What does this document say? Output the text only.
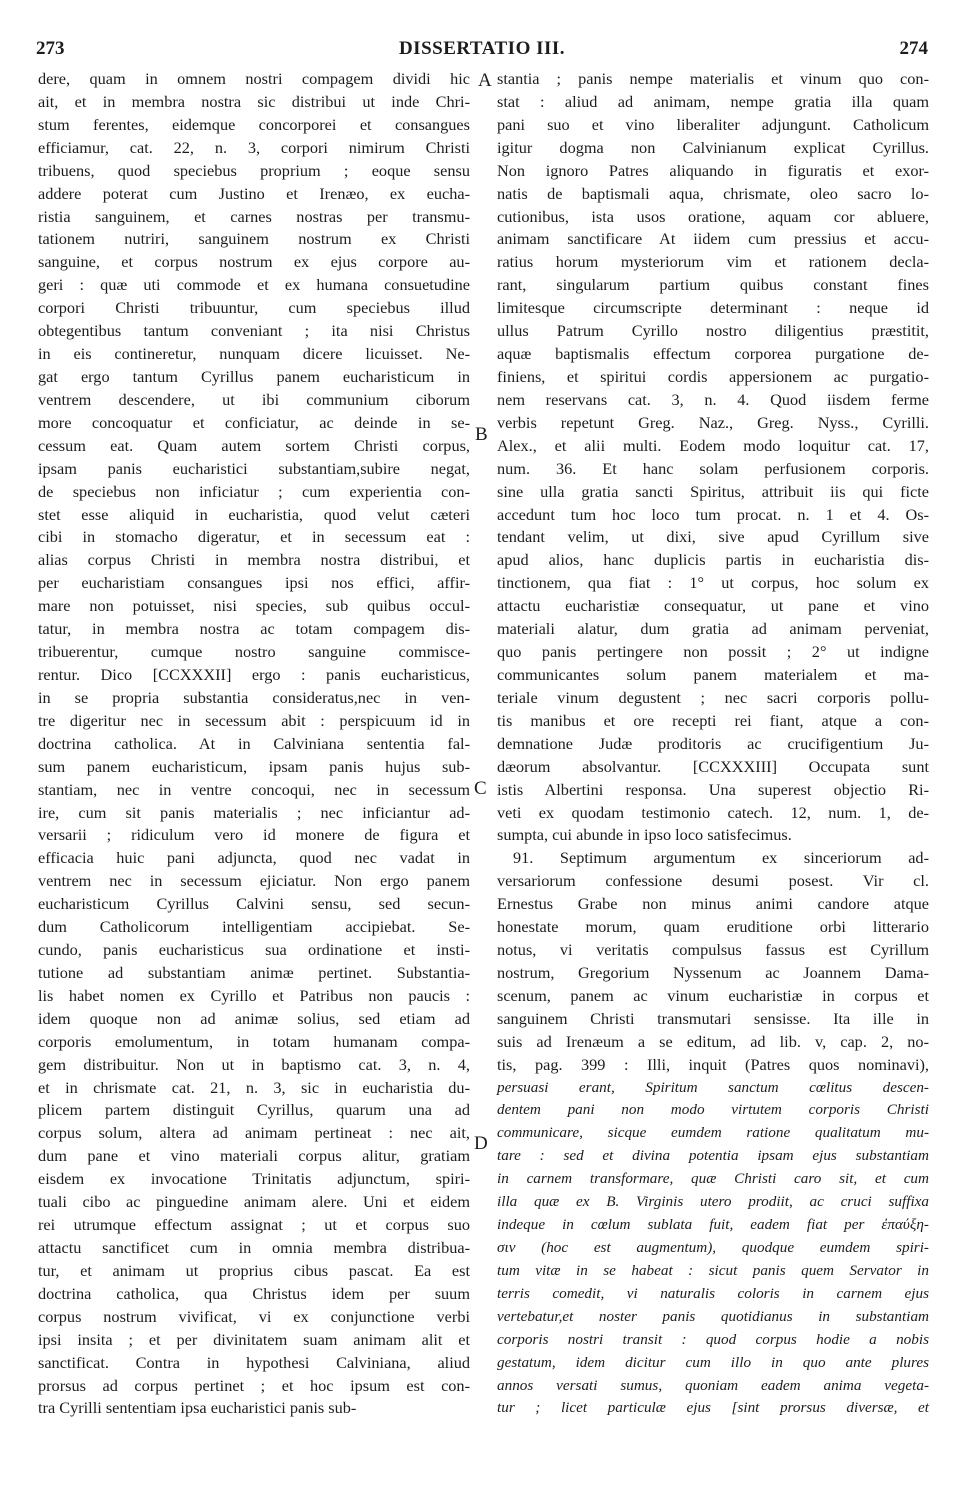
273	DISSERTATIO III.	274
A
B
C
D
dere, quam in omnem nostri compagem dividi hic
ait, et in membra nostra sic distribui ut inde Chri-
stum ferentes, eidemque concorporei et consangues
efficiamur, cat. 22, n. 3, corpori nimirum Christi
tribuens, quod speciebus proprium ; eoque sensu
addere poterat cum Justino et Irenæo, ex eucha-
ristia sanguinem, et carnes nostras per transmu-
tationem nutriri, sanguinem nostrum ex Christi
sanguine, et corpus nostrum ex ejus corpore au-
geri : quæ uti commode et ex humana consuetudine
corpori Christi tribuuntur, cum speciebus illud
obtegentibus tantum conveniant ; ita nisi Christus
in eis contineretur, nunquam dicere licuisset. Ne-
gat ergo tantum Cyrillus panem eucharisticum in
ventrem descendere, ut ibi communium ciborum
more concoquatur et conficiatur, ac deinde in se-
cessum eat. Quam autem sortem Christi corpus,
ipsam panis eucharistici substantiam,subire negat,
de speciebus non inficiatur ; cum experientia con-
stet esse aliquid in eucharistia, quod velut cæteri
cibi in stomacho digeratur, et in secessum eat :
alias corpus Christi in membra nostra distribui, et
per eucharistiam consangues ipsi nos effici, affir-
mare non potuisset, nisi species, sub quibus occul-
tatur, in membra nostra ac totam compagem dis-
tribuerentur, cumque nostro sanguine commisce-
rentur. Dico [CCXXXII] ergo : panis eucharisticus,
in se propria substantia consideratus,nec in ven-
tre digeritur nec in secessum abit : perspicuum id in
doctrina catholica. At in Calviniana sententia fal-
sum panem eucharisticum, ipsam panis hujus sub-
stantiam, nec in ventre concoqui, nec in secessum
ire, cum sit panis materialis ; nec inficiantur ad-
versarii ; ridiculum vero id monere de figura et
efficacia huic pani adjuncta, quod nec vadat in
ventrem nec in secessum ejiciatur. Non ergo panem
eucharisticum Cyrillus Calvini sensu, sed secun-
dum Catholicorum intelligentiam accipiebat. Se-
cundo, panis eucharisticus sua ordinatione et insti-
tutione ad substantiam animæ pertinet. Substantia-
lis habet nomen ex Cyrillo et Patribus non paucis :
idem quoque non ad animæ solius, sed etiam ad
corporis emolumentum, in totam humanam compa-
gem distribuitur. Non ut in baptismo cat. 3, n. 4,
et in chrismate cat. 21, n. 3, sic in eucharistia du-
plicem partem distinguit Cyrillus, quarum una ad
corpus solum, altera ad animam pertineat : nec ait,
dum pane et vino materiali corpus alitur, gratiam
eisdem ex invocatione Trinitatis adjunctum, spiri-
tuali cibo ac pinguedine animam alere. Uni et eidem
rei utrumque effectum assignat ; ut et corpus suo
attactu sanctificet cum in omnia membra distribua-
tur, et animam ut proprius cibus pascat. Ea est
doctrina catholica, qua Christus idem per suum
corpus nostrum vivificat, vi ex conjunctione verbi
ipsi insita ; et per divinitatem suam animam alit et
sanctificat. Contra in hypothesi Calviniana, aliud
prorsus ad corpus pertinet ; et hoc ipsum est con-
tra Cyrilli sententiam ipsa eucharistici panis sub-
stantia ; panis nempe materialis et vinum quo con-
stat : aliud ad animam, nempe gratia illa quam
pani suo et vino liberaliter adjungunt. Catholicum
igitur dogma non Calvinianum explicat Cyrillus.
Non ignoro Patres aliquando in figuratis et exor-
natis de baptismali aqua, chrismate, oleo sacro lo-
cutionibus, ista usos oratione, aquam cor abluere,
animam sanctificare At iidem cum pressius et accu-
ratius horum mysteriorum vim et rationem decla-
rant, singularum partium quibus constant fines
limitesque circumscripte determinant : neque id
ullus Patrum Cyrillo nostro diligentius præstitit,
aquæ baptismalis effectum corporea purgatione de-
finiens, et spiritui cordis appersionem ac purgatio-
nem reservans cat. 3, n. 4. Quod iisdem ferme
verbis repetunt Greg. Naz., Greg. Nyss., Cyrilli.
Alex., et alii multi. Eodem modo loquitur cat. 17,
num. 36. Et hanc solam perfusionem corporis.
sine ulla gratia sancti Spiritus, attribuit iis qui ficte
accedunt tum hoc loco tum procat. n. 1 et 4. Os-
tendant velim, ut dixi, sive apud Cyrillum sive
apud alios, hanc duplicis partis in eucharistia dis-
tinctionem, qua fiat : 1° ut corpus, hoc solum ex
attactu eucharistiæ consequatur, ut pane et vino
materiali alatur, dum gratia ad animam perveniat,
quo panis pertingere non possit ; 2° ut indigne
communicantes solum panem materialem et ma-
teriale vinum degustent ; nec sacri corporis pollu-
tis manibus et ore recepti rei fiant, atque a con-
demnatione Judæ proditoris ac crucifigentium Ju-
dæorum absolvantur. [CCXXXIII] Occupata sunt
istis Albertini responsa. Una superest objectio Ri-
veti ex quodam testimonio catech. 12, num. 1, de-
sumpta, cui abunde in ipso loco satisfecimus.
91. Septimum argumentum ex sinceriorum ad-
versariorum confessione desumi posest. Vir cl.
Ernestus Grabe non minus animi candore atque
honestate morum, quam eruditione orbi litterario
notus, vi veritatis compulsus fassus est Cyrillum
nostrum, Gregorium Nyssenum ac Joannem Dama-
scenum, panem ac vinum eucharistiæ in corpus et
sanguinem Christi transmutari sensisse. Ita ille in
suis ad Irenæum a se editum, ad lib. v, cap. 2, no-
tis, pag. 399 : Illi, inquit (Patres quos nominavi),
persuasi erant, Spiritum sanctum cœlitus descen-
dentem pani non modo virtutem corporis Christi
communicare, sicque eumdem ratione qualitatum mu-
tare : sed et divina potentia ipsam ejus substantiam
in carnem transformare, quæ Christi caro sit, et cum
illa quæ ex B. Virginis utero prodiit, ac cruci suffixa
indeque in cœlum sublata fuit, eadem fiat per ἐπαύξη-
σιν (hoc est augmentum), quodque eumdem spiri-
tum vitæ in se habeat : sicut panis quem Servator in
terris comedit, vi naturalis coloris in carnem ejus
vertebatur,et noster panis quotidianus in substantiam
corporis nostri transit : quod corpus hodie a nobis
gestatum, idem dicitur cum illo in quo ante plures
annos versati sumus, quoniam eadem anima vegeta-
tur ; licet particulæ ejus [sint prorsus diversæ, et
